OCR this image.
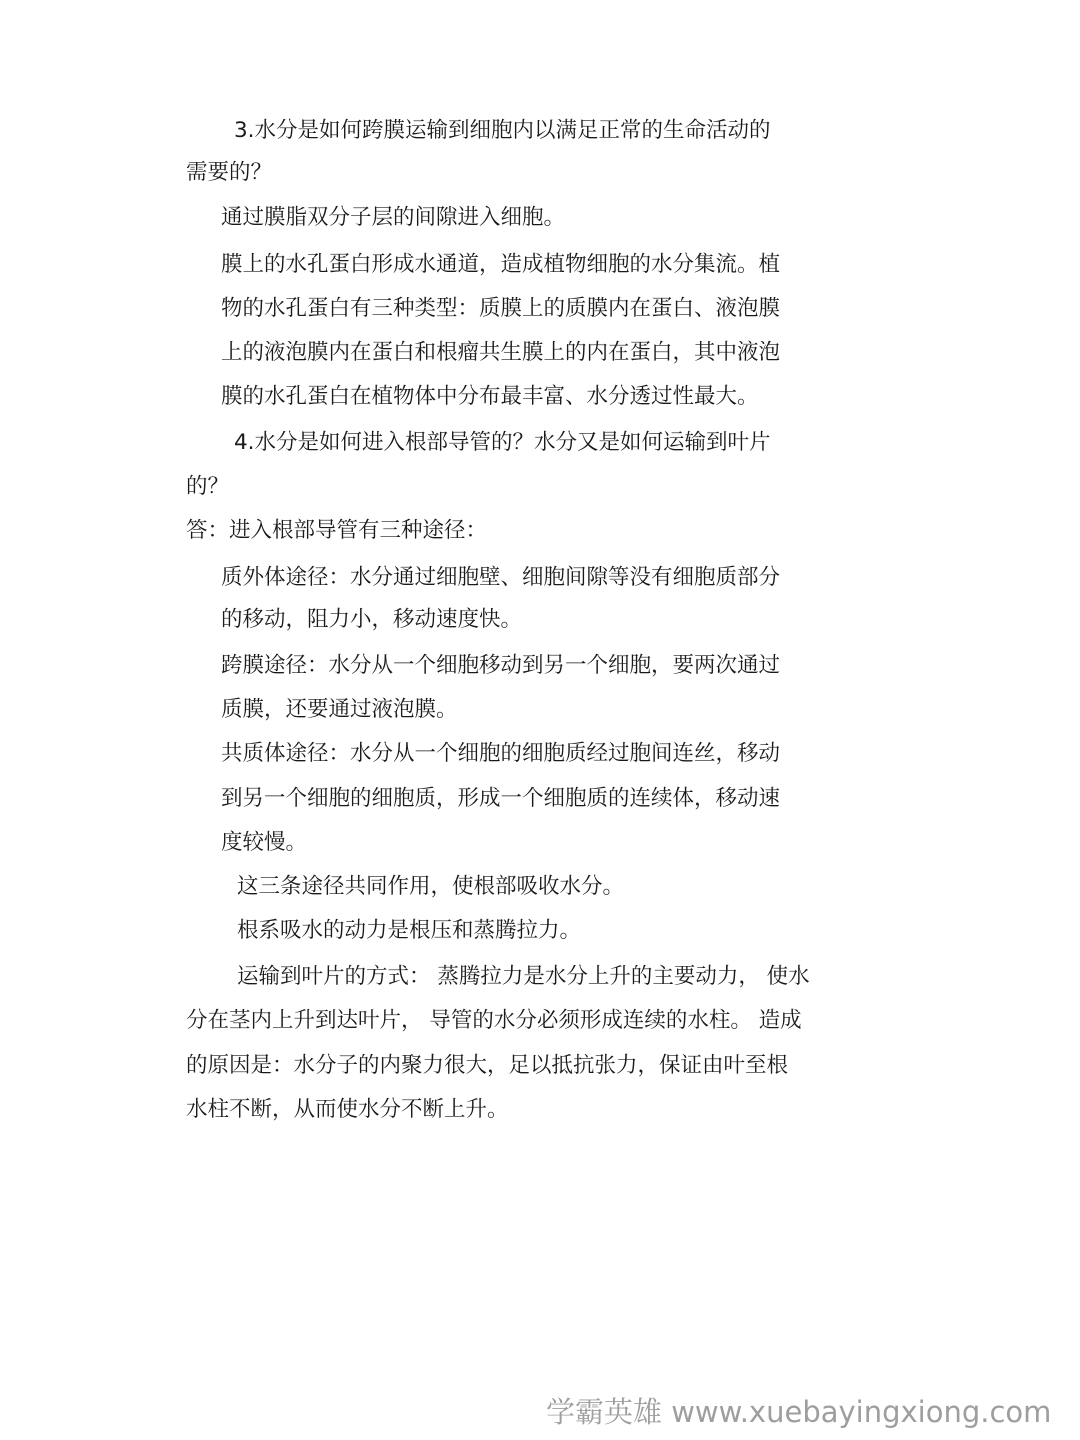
3.水分是如何跨膜运输到细胞内以满足正常的生命活动的
需要的？
通过膜脂双分子层的间隙进入细胞。
膜上的水孔蛋白形成水通道，造成植物细胞的水分集流。植
物的水孔蛋白有三种类型：质膜上的质膜内在蛋白、液泡膜
上的液泡膜内在蛋白和根瘤共生膜上的内在蛋白，其中液泡
膜的水孔蛋白在植物体中分布最丰富、水分透过性最大。
4.水分是如何进入根部导管的？水分又是如何运输到叶片
的？
答：进入根部导管有三种途径：
质外体途径：水分通过细胞壁、细胞间隙等没有细胞质部分
的移动，阻力小，移动速度快。
跨膜途径：水分从一个细胞移动到另一个细胞，要两次通过
质膜，还要通过液泡膜。
共质体途径：水分从一个细胞的细胞质经过胞间连丝，移动
到另一个细胞的细胞质，形成一个细胞质的连续体，移动速
度较慢。
这三条途径共同作用，使根部吸收水分。
根系吸水的动力是根压和蒸腾拉力。
运输到叶片的方式： 蒸腾拉力是水分上升的主要动力， 使水
分在茎内上升到达叶片， 导管的水分必须形成连续的水柱。 造成
的原因是：水分子的内聚力很大，足以抵抗张力，保证由叶至根
水柱不断，从而使水分不断上升。
学霸英雄 www.xuebayingxiong.com
